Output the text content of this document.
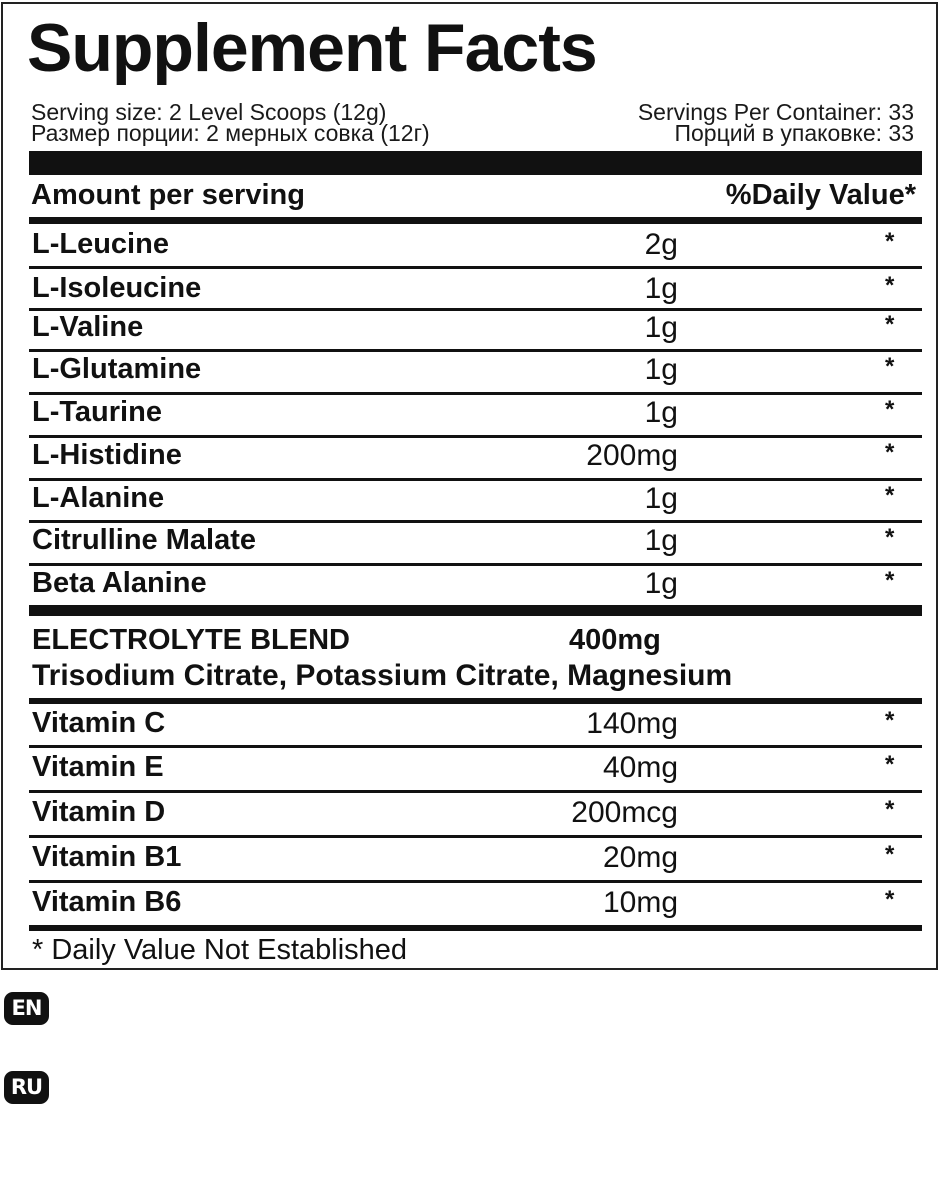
Supplement Facts
Serving size: 2 Level Scoops (12g)
Размер порции: 2 мерных совка (12г)
Servings Per Container: 33
Порций в упаковке: 33
Amount per serving	%Daily Value*
L-Leucine	2g	*
L-Isoleucine	1g	*
L-Valine	1g	*
L-Glutamine	1g	*
L-Taurine	1g	*
L-Histidine	200mg	*
L-Alanine	1g	*
Citrulline Malate	1g	*
Beta Alanine	1g	*
ELECTROLYTE BLEND	400mg
Trisodium Citrate, Potassium Citrate, Magnesium
Vitamin C	140mg	*
Vitamin E	40mg	*
Vitamin D	200mcg	*
Vitamin B1	20mg	*
Vitamin B6	10mg	*
* Daily Value Not Established
EN
RU
